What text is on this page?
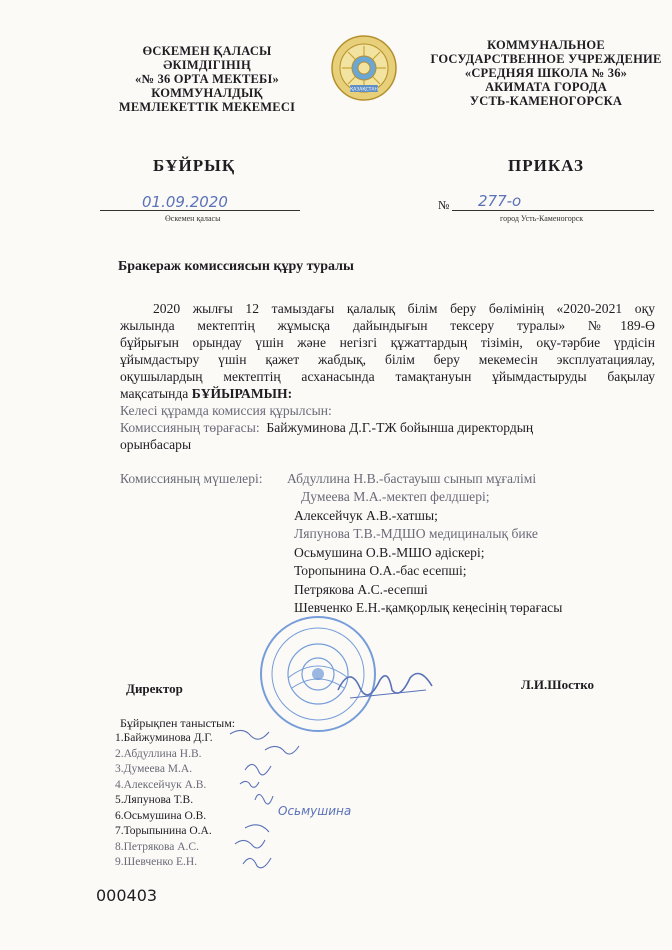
ӨСКЕМЕН ҚАЛАСЫ
ӘКІМДІГІНІҢ
«№ 36 ОРТА МЕКТЕБІ»
КОММУНАЛДЫҚ
МЕМЛЕКЕТТІК МЕКЕМЕСІ
ҚАЗАҚСТАН
КОММУНАЛЬНОЕ
ГОСУДАРСТВЕННОЕ УЧРЕЖДЕНИЕ
«СРЕДНЯЯ ШКОЛА № 36»
АКИМАТА ГОРОДА
УСТЬ-КАМЕНОГОРСКА
БҰЙРЫҚ	ПРИКАЗ
01.09.2020
Өскемен қаласы
№ 277-о
город Усть-Каменогорск
Бракераж комиссиясын құру туралы
2020 жылғы 12 тамыздағы қалалық білім беру бөлімінің «2020-2021 оқу
жылында мектептің жұмысқа дайындығын тексеру туралы» №189-Ө
бұйрығын орындау үшін және негізгі құжаттардың тізімін, оқу-тәрбие үрдісін
ұйымдастыру үшін қажет жабдық, білім беру мекемесін эксплуатациялау,
оқушылардың мектептің асханасында тамақтануын ұйымдастыруды бақылау
мақсатында БҰЙЫРАМЫН:
Келесі құрамда комиссия құрылсын:
Комиссияның төрағасы: Байжуминова Д.Г.-ТЖ бойынша директордың
орынбасары
Комиссияның мүшелері: Абдуллина Н.В.-бастауыш сынып мұғалімі
Думеева М.А.-мектеп фелдшері;
Алексейчук А.В.-хатшы;
Ляпунова Т.В.-МДШО медициналық бике
Осьмушина О.В.-МШО әдіскері;
Торопынина О.А.-бас есепші;
Петрякова А.С.-есепші
Шевченко Е.Н.-қамқорлық кеңесінің төрағасы
Директор	Л.И.Шостко
Бұйрықпен таныстым:
1.Байжуминова Д.Г.
2.Абдуллина Н.В.
3.Думеева М.А.
4.Алексейчук А.В.
5.Ляпунова Т.В.
6.Осьмушина О.В.
7.Торыпынина О.А.
8.Петрякова А.С.
9.Шевченко Е.Н.
Осьмушина
000403
